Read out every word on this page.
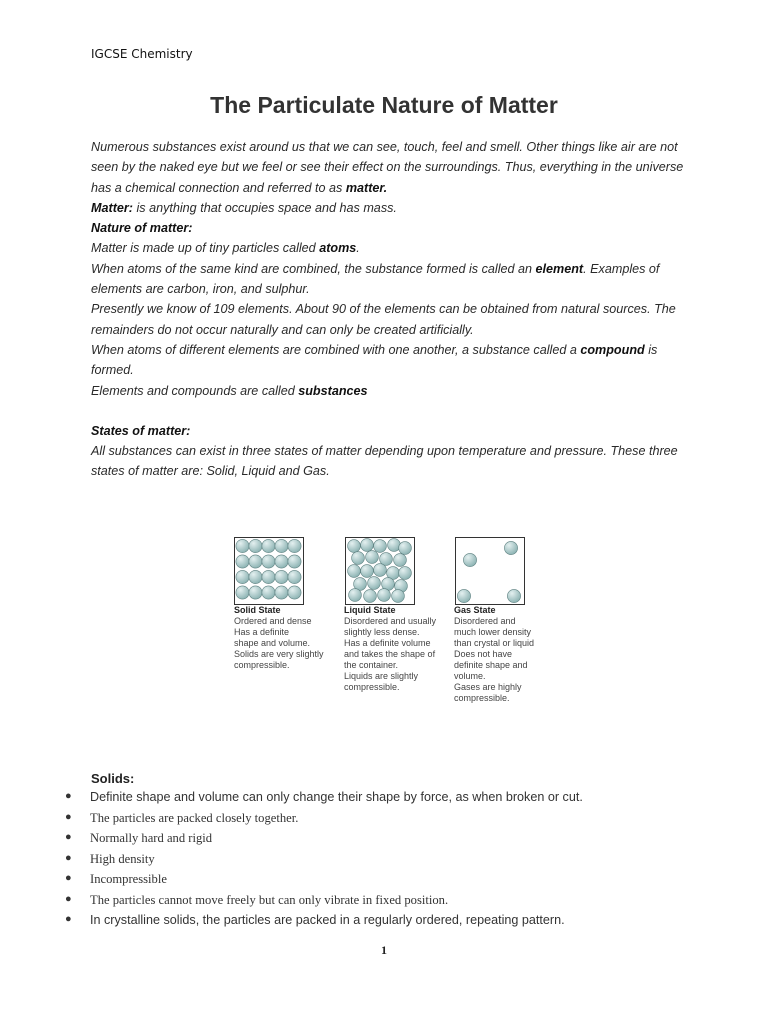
IGCSE Chemistry
The Particulate Nature of Matter

Numerous substances exist around us that we can see, touch, feel and smell. Other things like air are not seen by the naked eye but we feel or see their effect on the surroundings. Thus, everything in the universe has a chemical connection and referred to as matter.

Matter: is anything that occupies space and has mass.

Nature of matter:

Matter is made up of tiny particles called atoms.

When atoms of the same kind are combined, the substance formed is called an element. Examples of elements are carbon, iron, and sulphur.

Presently we know of 109 elements. About 90 of the elements can be obtained from natural sources. The remainders do not occur naturally and can only be created artificially.

When atoms of different elements are combined with one another, a substance called a compound is formed.

Elements and compounds are called substances

States of matter:

All substances can exist in three states of matter depending upon temperature and pressure. These three states of matter are: Solid, Liquid and Gas.

Solid State
Ordered and dense
Has a definite
shape and volume.
Solids are very slightly
compressible.
Liquid State
Disordered and usually
slightly less dense.
Has a definite volume
and takes the shape of
the container.
Liquids are slightly
compressible.
Gas State
Disordered and
much lower density
than crystal or liquid
Does not have
definite shape and
volume.
Gases are highly
compressible.
Solids:
● Definite shape and volume can only change their shape by force, as when broken or cut.
● The particles are packed closely together.
● Normally hard and rigid
● High density
● Incompressible
● The particles cannot move freely but can only vibrate in fixed position.
● In crystalline solids, the particles are packed in a regularly ordered, repeating pattern.
1
